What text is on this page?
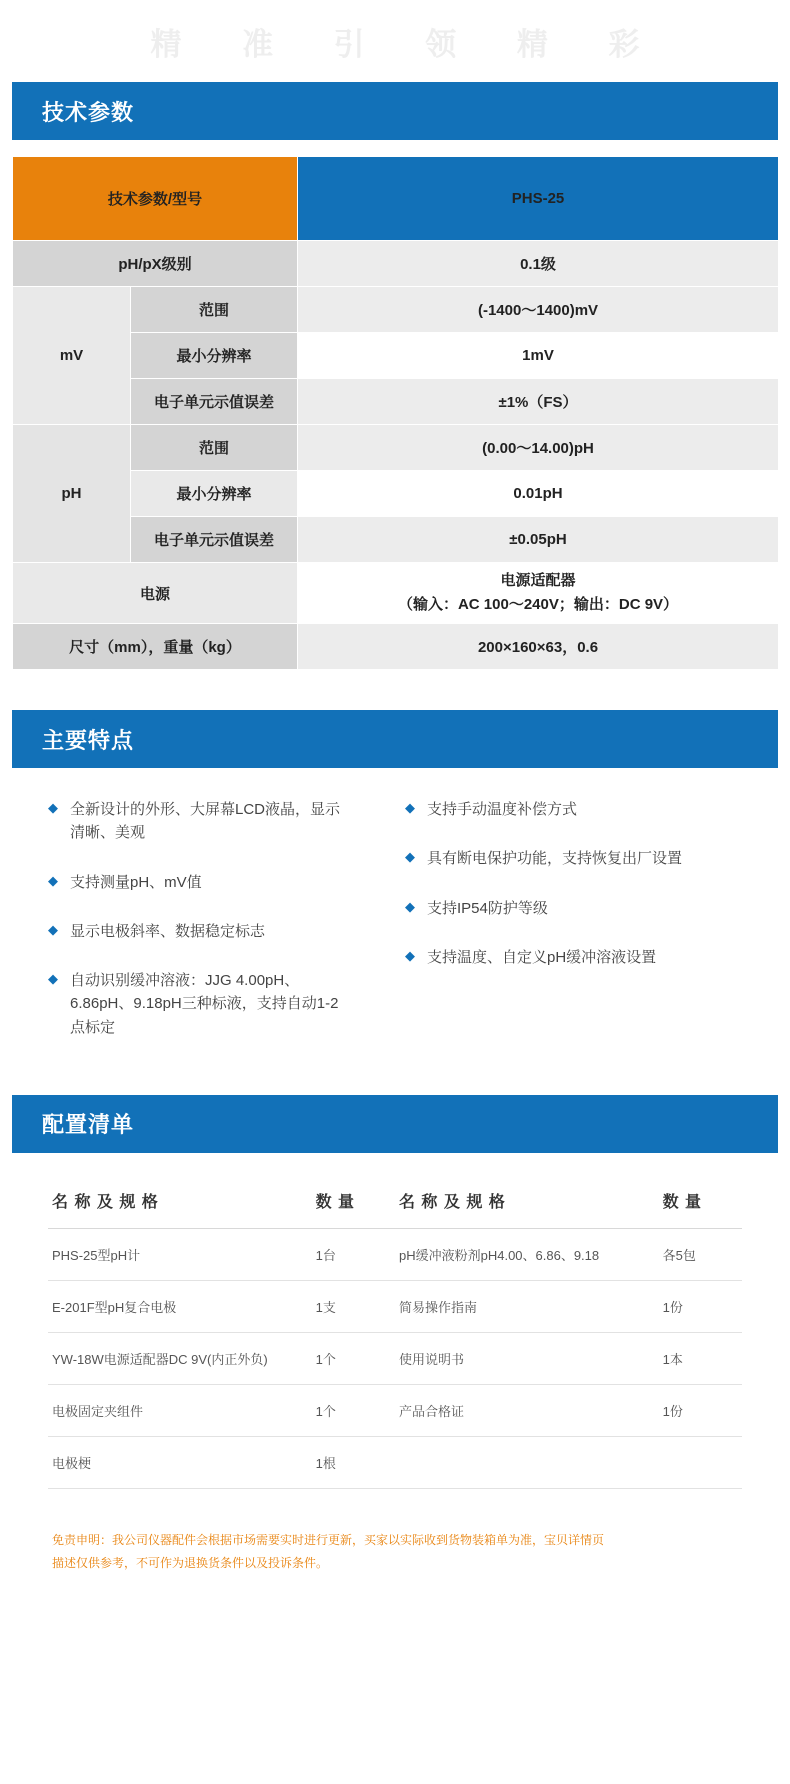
精 准 引 领 精 彩
技术参数
技术参数/型号		PHS-25
pH/pX级别		0.1级
mV	范围	(-1400～1400)mV
	最小分辨率	1mV
	电子单元示值误差	±1%（FS）
pH	范围	(0.00～14.00)pH
	最小分辨率	0.01pH
	电子单元示值误差	±0.05pH
电源		电源适配器
（输入：AC 100～240V；输出：DC 9V）

尺寸（mm），重量（kg）		200×160×63，0.6
主要特点
◆ 全新设计的外形、大屏幕LCD液晶，显示清晰、美观
◆ 支持测量pH、mV值
◆ 显示电极斜率、数据稳定标志
◆ 自动识别缓冲溶液：JJG 4.00pH、6.86pH、9.18pH三种标液，支持自动1-2点标定
◆ 支持手动温度补偿方式
◆ 具有断电保护功能，支持恢复出厂设置
◆ 支持IP54防护等级
◆ 支持温度、自定义pH缓冲溶液设置
配置清单
名 称 及 规 格	数 量	名 称 及 规 格	数 量
PHS-25型pH计	1台	pH缓冲液粉剂pH4.00、6.86、9.18	各5包
E-201F型pH复合电极	1支	简易操作指南	1份
YW-18W电源适配器DC 9V(内正外负)	1个	使用说明书	1本
电极固定夹组件	1个	产品合格证	1份
电极梗	1根		
免责申明：我公司仪器配件会根据市场需要实时进行更新，买家以实际收到货物装箱单为准，宝贝详情页
描述仅供参考，不可作为退换货条件以及投诉条件。
